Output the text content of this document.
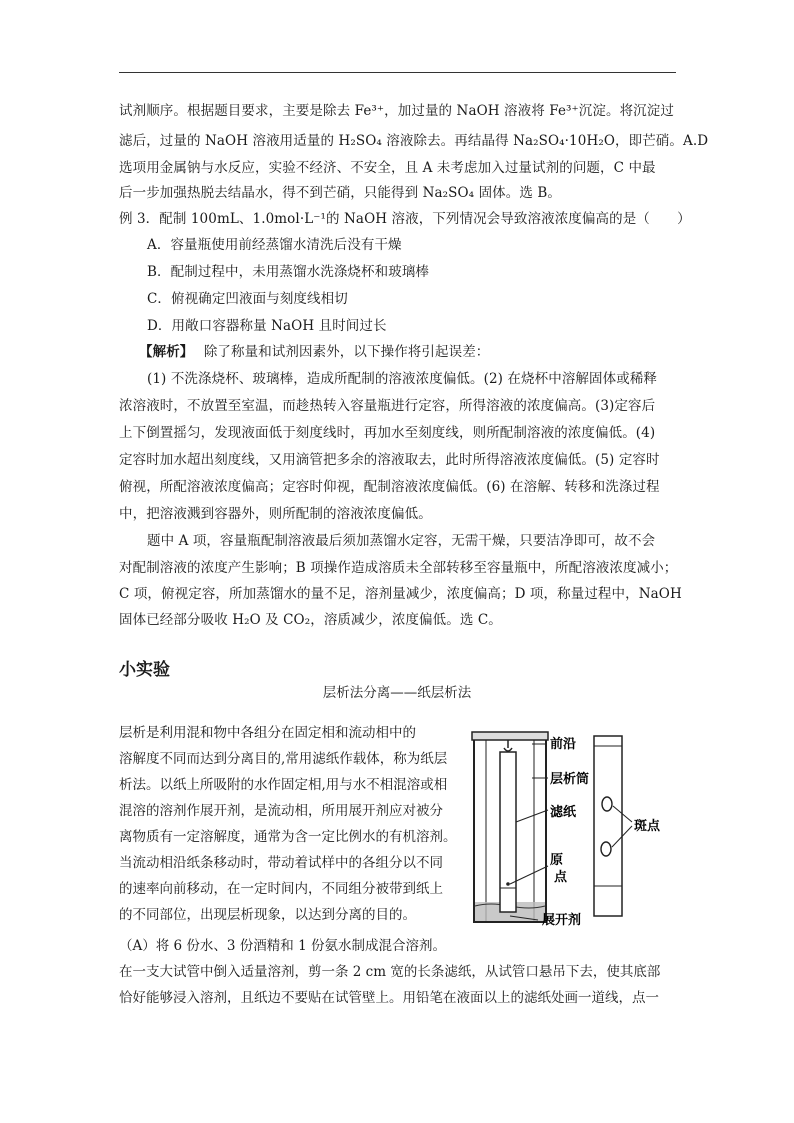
试剂顺序。根据题目要求，主要是除去 Fe³⁺，加过量的 NaOH 溶液将 Fe³⁺沉淀。将沉淀过
滤后，过量的 NaOH 溶液用适量的 H₂SO₄ 溶液除去。再结晶得 Na₂SO₄·10H₂O，即芒硝。A.D
选项用金属钠与水反应，实验不经济、不安全，且 A 未考虑加入过量试剂的问题，C 中最
后一步加强热脱去结晶水，得不到芒硝，只能得到 Na₂SO₄ 固体。选 B。
例 3．配制 100mL、1.0mol·L⁻¹的 NaOH 溶液，下列情况会导致溶液浓度偏高的是（　　）
A．容量瓶使用前经蒸馏水清洗后没有干燥
B．配制过程中，未用蒸馏水洗涤烧杯和玻璃棒
C．俯视确定凹液面与刻度线相切
D．用敞口容器称量 NaOH 且时间过长
【解析】 除了称量和试剂因素外，以下操作将引起误差：
(1) 不洗涤烧杯、玻璃棒，造成所配制的溶液浓度偏低。(2) 在烧杯中溶解固体或稀释
浓溶液时，不放置至室温，而趁热转入容量瓶进行定容，所得溶液的浓度偏高。(3)定容后
上下倒置摇匀，发现液面低于刻度线时，再加水至刻度线，则所配制溶液的浓度偏低。(4)
定容时加水超出刻度线，又用滴管把多余的溶液取去，此时所得溶液浓度偏低。(5) 定容时
俯视，所配溶液浓度偏高；定容时仰视，配制溶液浓度偏低。(6) 在溶解、转移和洗涤过程
中，把溶液溅到容器外，则所配制的溶液浓度偏低。
题中 A 项，容量瓶配制溶液最后须加蒸馏水定容，无需干燥，只要洁净即可，故不会
对配制溶液的浓度产生影响；B 项操作造成溶质未全部转移至容量瓶中，所配溶液浓度减小；
C 项，俯视定容，所加蒸馏水的量不足，溶剂量减少，浓度偏高；D 项，称量过程中，NaOH
固体已经部分吸收 H₂O 及 CO₂，溶质减少，浓度偏低。选 C。
小实验
层析法分离——纸层析法
层析是利用混和物中各组分在固定相和流动相中的
溶解度不同而达到分离目的,常用滤纸作载体，称为纸层
析法。以纸上所吸附的水作固定相,用与水不相混溶或相
混溶的溶剂作展开剂，是流动相，所用展开剂应对被分
离物质有一定溶解度，通常为含一定比例水的有机溶剂。
当流动相沿纸条移动时，带动着试样中的各组分以不同
的速率向前移动，在一定时间内，不同组分被带到纸上
的不同部位，出现层析现象，以达到分离的目的。
（A）将 6 份水、3 份酒精和 1 份氨水制成混合溶剂。
在一支大试管中倒入适量溶剂，剪一条 2 cm 宽的长条滤纸，从试管口悬吊下去，使其底部
恰好能够浸入溶剂，且纸边不要贴在试管壁上。用铅笔在液面以上的滤纸处画一道线，点一
前沿
层析筒
滤纸
原
点
展开剂
斑点
